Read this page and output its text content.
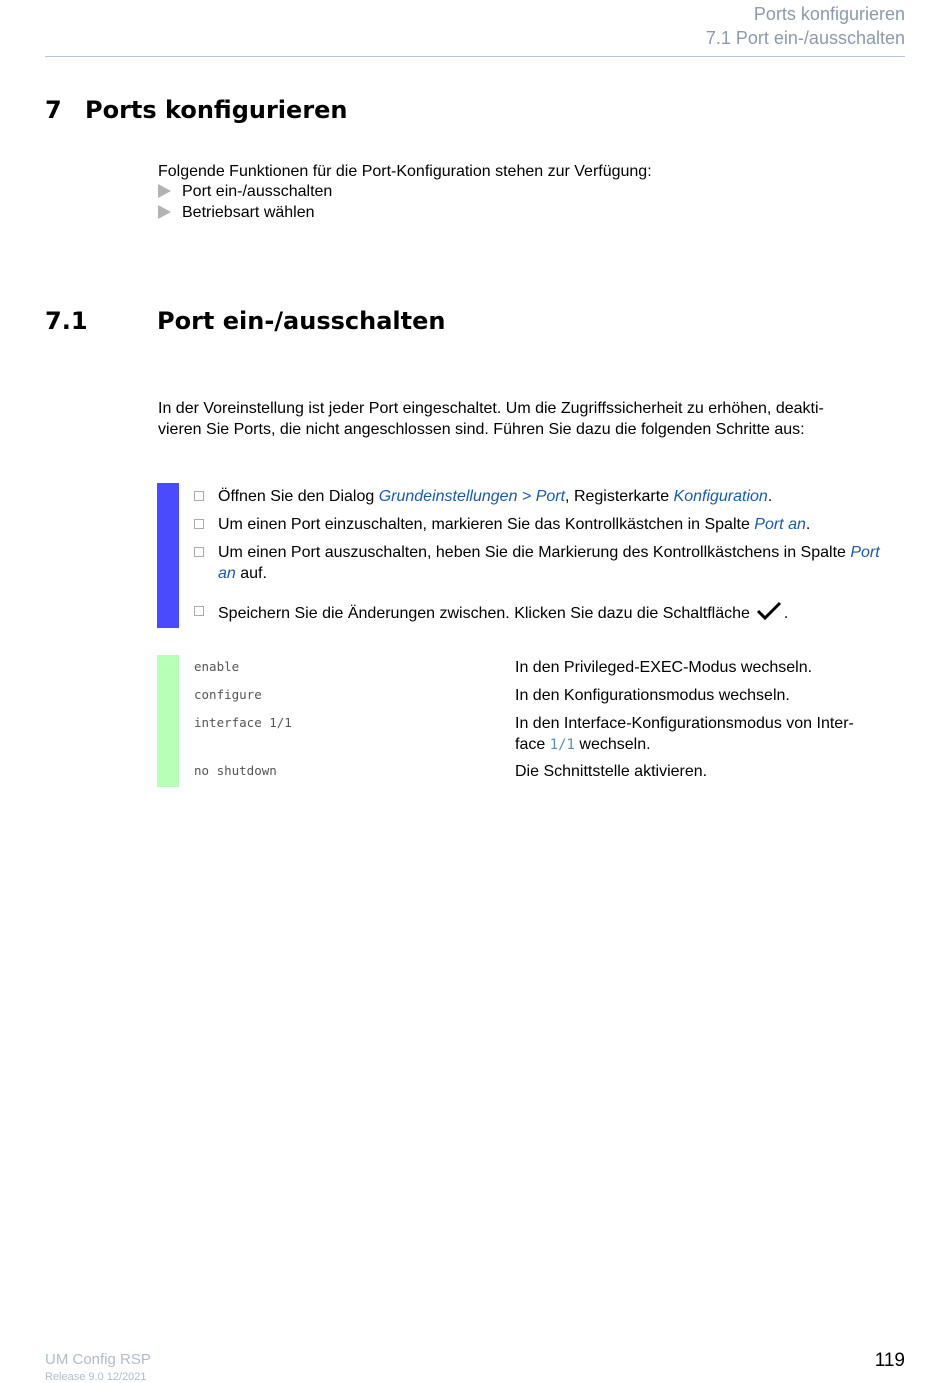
Ports konfigurieren
7.1 Port ein-/ausschalten
7 Ports konfigurieren
Folgende Funktionen für die Port-Konfiguration stehen zur Verfügung:
Port ein-/ausschalten
Betriebsart wählen
7.1	Port ein-/ausschalten
In der Voreinstellung ist jeder Port eingeschaltet. Um die Zugriffssicherheit zu erhöhen, deakti-
vieren Sie Ports, die nicht angeschlossen sind. Führen Sie dazu die folgenden Schritte aus:
Öffnen Sie den Dialog Grundeinstellungen > Port, Registerkarte Konfiguration.
Um einen Port einzuschalten, markieren Sie das Kontrollkästchen in Spalte Port an.
Um einen Port auszuschalten, heben Sie die Markierung des Kontrollkästchens in Spalte Port an auf.
Speichern Sie die Änderungen zwischen. Klicken Sie dazu die Schaltfläche .
enable	In den Privileged-EXEC-Modus wechseln.
configure	In den Konfigurationsmodus wechseln.
interface 1/1	In den Interface-Konfigurationsmodus von Inter-
face 1/1 wechseln.
no shutdown	Die Schnittstelle aktivieren.
UM Config RSP
Release 9.0 12/2021
119
